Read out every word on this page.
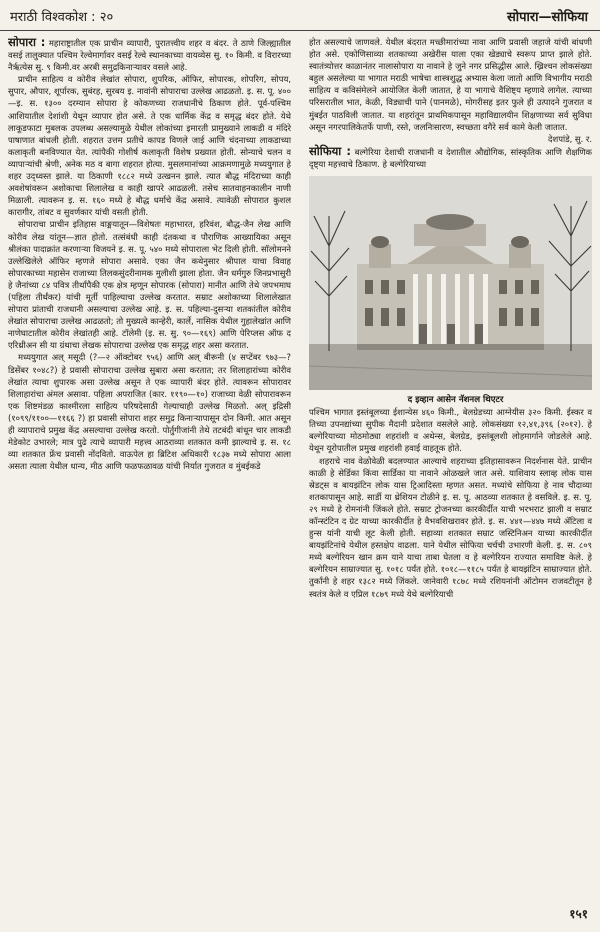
मराठी विश्वकोश : २०	सोपारा—सोफिया

सोपारा : महाराष्ट्रातील एक प्राचीन व्यापारी, पुरातत्त्वीय शहर व बंदर. ते ठाणे जिल्ह्यातील वसई तालुक्यात पश्चिम रेल्वेमार्गावर वसई रेल्वे स्थानकाच्या वायव्येस सु. १० किमी. व विरारच्या नैर्ऋत्येस सु. ९ किमी.वर अरबी समुद्रकिनाऱ्यावर वसले आहे.

प्राचीन साहित्य व कोरीव लेखांत सोपारा, शुपरिक, ऑफिर, सोपारक, शोपरिग, सोपय, सुपार, औपार, शूर्पारक, सुबंरह, सुरबय इ. नावांनी सोपाराचा उल्लेख आढळतो. इ. स. पू. ४००—इ. स. १३०० दरम्यान सोपारा हे कोकणच्या राजधानीचे ठिकाण होते. पूर्व-पश्चिम आशियातील देशांशी येथून व्यापार होत असे. ते एक धार्मिक केंद्र व समृद्ध बंदर होते. येथे लाकूडफाटा मुबलक उपलब्ध असल्यामुळे येथील लोकांच्या इमारती प्रामुख्याने लाकडी व मंदिरे पाषाणात बांधली होती. शहरात उत्तम प्रतीचे कापड विणले जाई आणि चंदनाच्या लाकडाच्या कलाकृती बनविण्यात येत. त्यांपैकी गोशीर्ष कलाकृती विशेष प्रख्यात होती. सोन्याचे चलन व व्यापाऱ्यांची श्रेणी, अनेक मठ व बागा शहरात होत्या. मुसलमानांच्या आक्रमणामुळे मध्ययुगात हे शहर उद्ध्वस्त झाले. या ठिकाणी १८८२ मध्ये उत्खनन झाले. त्यात बौद्ध मंदिराच्या काही अवशेषांवरून अशोकाचा शिलालेख व काही खापरे आढळली. तसेच सातवाहनकालीन नाणी मिळाली. त्यावरून इ. स. १६० मध्ये हे बौद्ध धर्माचे केंद्र असावे. त्यावेळी सोपारात कुशल कारागीर, तांबट व सुवर्णकार यांची वसती होती.

सोपाराचा प्राचीन इतिहास वाङ्मयातून—विशेषतः महाभारत, हरिवंश, बौद्ध-जैन लेख आणि कोरीव लेख यांतून—ज्ञात होतो. तत्संबंधी काही दंतकथा व पौराणिक आख्यायिका असून श्रीलंका पादाक्रांत करणाऱ्या विजयने इ. स. पू. ५४० मध्ये सोपाराला भेट दिली होती. सॉलोमनने उल्लेखिलेले ऑफिर म्हणजे सोपारा असावे. एका जैन कथेनुसार श्रीपाल याचा विवाह सोपारकाच्या महासेन राजाच्या तिलकसुंदरीनामक मुलीशी झाला होता. जैन धर्मगुरु जिनप्रभासुरी हे जैनांच्या ८४ पवित्र तीर्थांपैकी एक क्षेत्र म्हणून सोपारक (सोपारा) मानीत आणि तेथे जपभमाघ (पहिला तीर्थंकर) यांची मूर्ती पाहिल्याचा उल्लेख करतात. सम्राट अशोकाच्या शिलालेखात सोपारा प्रांताची राजधानी असल्याचा उल्लेख आहे. इ. स. पहिल्या-दुसऱ्या शतकांतील कोरीव लेखांत सोपाराचा उल्लेख आढळतो; तो मुख्यत्वे कान्हेरी, कार्ले, नासिक येथील गुहालेखांत आणि नाणेघाटातील कोरीव लेखांतही आहे. टॉलेमी (इ. स. सु. ९०—१६९) आणि पेरिप्लस ऑफ द एरिथ्रीअन सी या ग्रंथाचा लेखक सोपाराचा उल्लेख एक समृद्ध शहर असा करतात.

मध्ययुगात अल् मसूदी (?—२ ऑक्टोबर ९५६) आणि अल् बीरूनी (४ सप्टेंबर ९७३—? डिसेंबर १०४८?) हे प्रवासी सोपाराचा उल्लेख सुबारा असा करतात; तर शिलाहारांच्या कोरीव लेखांत त्याचा शुपारक असा उल्लेख असून ते एक व्यापारी बंदर होते. त्यावरून सोपारावर शिलाहारांचा अंमल असावा. पहिला अपराजित (कार. ११९०—१०) राजाच्या वेळी सोपारावरून एक शिष्टमंडळ काश्मीरला साहित्य परिषदेसाठी गेल्याचाही उल्लेख मिळतो. अल् इद्रिसी (१०९९/११००—११६६ ?) हा प्रवासी सोपारा शहर समुद्र किनाऱ्यापासून दोन किमी. आत असून ही व्यापाराचे प्रमुख केंद्र असल्याचा उल्लेख करतो. पोर्तुगीजांनी तेथे तटबंदी बांधून चार लाकडी मेडेकोट उभारले; मात्र पुढे त्याचे व्यापारी महत्त्व आठराव्या शतकात कमी झाल्याचे इ. स. १८ व्या शतकात फ्रेंच प्रवासी नोंदवितो. वाऊपेल हा ब्रिटिश अधिकारी १८३७ मध्ये सोपारा आला असता त्याला येथील धान्य, मीठ आणि फळफळावळ यांची निर्यात गुजरात व मुंबईकडे

होत असल्याचे जाणवले. येथील बंदरात मच्छीमारांच्या नावा आणि प्रवासी जहाजे यांची बांधणी होत असे. एकोणिसाव्या शतकाच्या अखेरीस याला एका खेड्याचे स्वरूप प्राप्त झाले होते. स्वातंत्र्योत्तर काळानंतर नालासोपारा या नावाने हे जुने नगर प्रसिद्धीस आले. ख्रिश्चन लोकसंख्या बहुल असलेल्या या भागात मराठी भाषेचा शास्त्रशुद्ध अभ्यास केला जातो आणि विभागीय मराठी साहित्य व कविसंमेलने आयोजित केली जातात, हे या भागाचे वैशिष्ट्य म्हणावे लागेल. त्याच्या परिसरातील भात, केळी, विड्याची पाने (पानमळे), मोगरीसह इतर फुले ही उत्पादने गुजरात व मुंबईत पाठविली जातात. या शहरांतून प्राथमिकपासून महाविद्यालयीन शिक्षणाच्या सर्व सुविधा असून नगरपालिकेतर्फे पाणी, रस्ते, जलनिःसारण, स्वच्छता वगैरे सर्व कामे केली जातात.

देशपांडे, सु. र.

सोफिया : बल्गेरिया देशाची राजधानी व देशातील औद्योगिक, सांस्कृतिक आणि शैक्षणिक दृष्ट्या महत्त्वाचे ठिकाण. हे बल्गेरियाच्या

द इव्हान आसेन नॅशनल थिएटर

पश्चिम भागात इस्तंबूलच्या ईशान्येस ४६० किमी., बेलग्रेडच्या आग्नेयीस ३२० किमी. ईस्कर व तिच्या उपनद्यांच्या सुपीक मैदानी प्रदेशात वसलेले आहे. लोकसंख्या १२,४१,३९६ (२०१२). हे बल्गेरियाच्या मोठमोठ्या शहरांशी व अथेन्स, बेलग्रेड, इस्तंबूलशी लोहमार्गाने जोडलेले आहे. येथून यूरोपातील प्रमुख शहरांशी हवाई वाहतूक होते.

शहराचे नाव वेळोवेळी बदलण्यात आल्याचे शहराच्या इतिहासावरून निदर्शनास येते. प्राचीन काळी हे सेर्डिका किंवा सार्डिका या नावाने ओळखले जात असे. याशिवाय स्लाव्ह लोक यास स्रेडट्स व बायझंटिन लोक यास ट्रिआदिस्ता म्हणत असत. मध्यांचे सोफिया हे नाव चौदाव्या शतकापासून आहे. सार्डी या थ्रेशियन टोळीने इ. स. पू. आठव्या शतकात हे वसविले. इ. स. पू. २९ मध्ये हे रोमनांनी जिंकले होते. सम्राट ट्रोजनच्या कारकीर्दीत याची भरभराट झाली व सम्राट कॉन्स्टंटिन द ग्रेट याच्या कारकीर्दीत हे वैभवशिखरावर होते. इ. स. ४४१—४४७ मध्ये ॲटिला व हुन्स यांनी याची लूट केली होती. सहाव्या शतकात सम्राट जस्टिनिअन याच्या कारकीर्दीत बायझंटिनांचे येथील हस्तक्षेप वाढला. याने येथील सोफिया चर्चची उभारणी केली. इ. स. ८०९ मध्ये बल्गेरियन खान क्रम याने याचा ताबा घेतला व हे बल्गेरियन राज्यात समाविष्ट केले. हे बल्गेरियन साम्राज्यात सु. १०१८ पर्यंत होते. १०१८—११८५ पर्यंत हे बायझंटिन साम्राज्यात होते. तुर्कांनी हे शहर १३८२ मध्ये जिंकले. जानेवारी १८७८ मध्ये रशियनांनी ऑटोमन राजवटीतून हे स्वतंत्र केले व एप्रिल १८७९ मध्ये येथे बल्गेरियाची

१५१
